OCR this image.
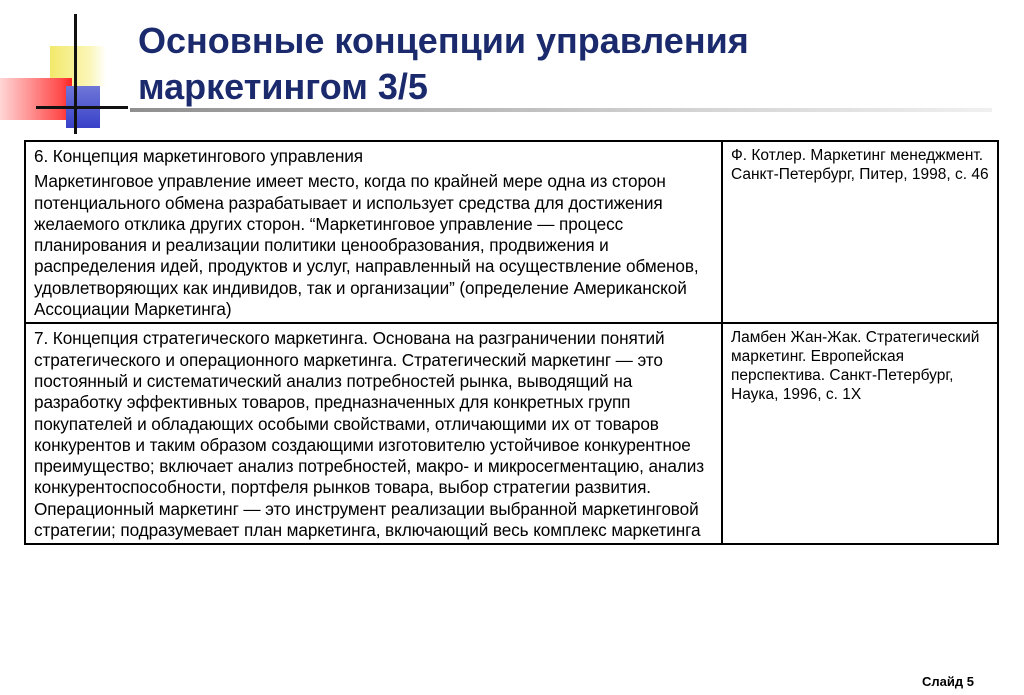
Основные концепции управления маркетингом 3/5
6. Концепция маркетингового управления
Маркетинговое управление имеет место, когда по крайней мере одна из сторон потенциального обмена разрабатывает и использует средства для достижения желаемого отклика других сторон. “Маркетинговое управление — процесс планирования и реализации политики ценообразования, продвижения и распределения идей, продуктов и услуг, направленный на осуществление обменов, удовлетворяющих как индивидов, так и организации” (определение Американской Ассоциации Маркетинга)	Ф. Котлер. Маркетинг менеджмент. Санкт-Петербург, Питер, 1998, с. 46

7. Концепция стратегического маркетинга. Основана на разграничении понятий стратегического и операционного маркетинга. Стратегический маркетинг — это постоянный и систематический анализ потребностей рынка, выводящий на разработку эффективных товаров, предназначенных для конкретных групп покупателей и обладающих особыми свойствами, отличающими их от товаров конкурентов и таким образом создающими изготовителю устойчивое конкурентное преимущество; включает анализ потребностей, макро- и микросегментацию, анализ конкурентоспособности, портфеля рынков товара, выбор стратегии развития. Операционный маркетинг — это инструмент реализации выбранной маркетинговой стратегии; подразумевает план маркетинга, включающий весь комплекс маркетинга	Ламбен Жан-Жак. Стратегический маркетинг. Европейская перспектива. Санкт-Петербург, Наука, 1996, с. 1Х
Слайд 5
